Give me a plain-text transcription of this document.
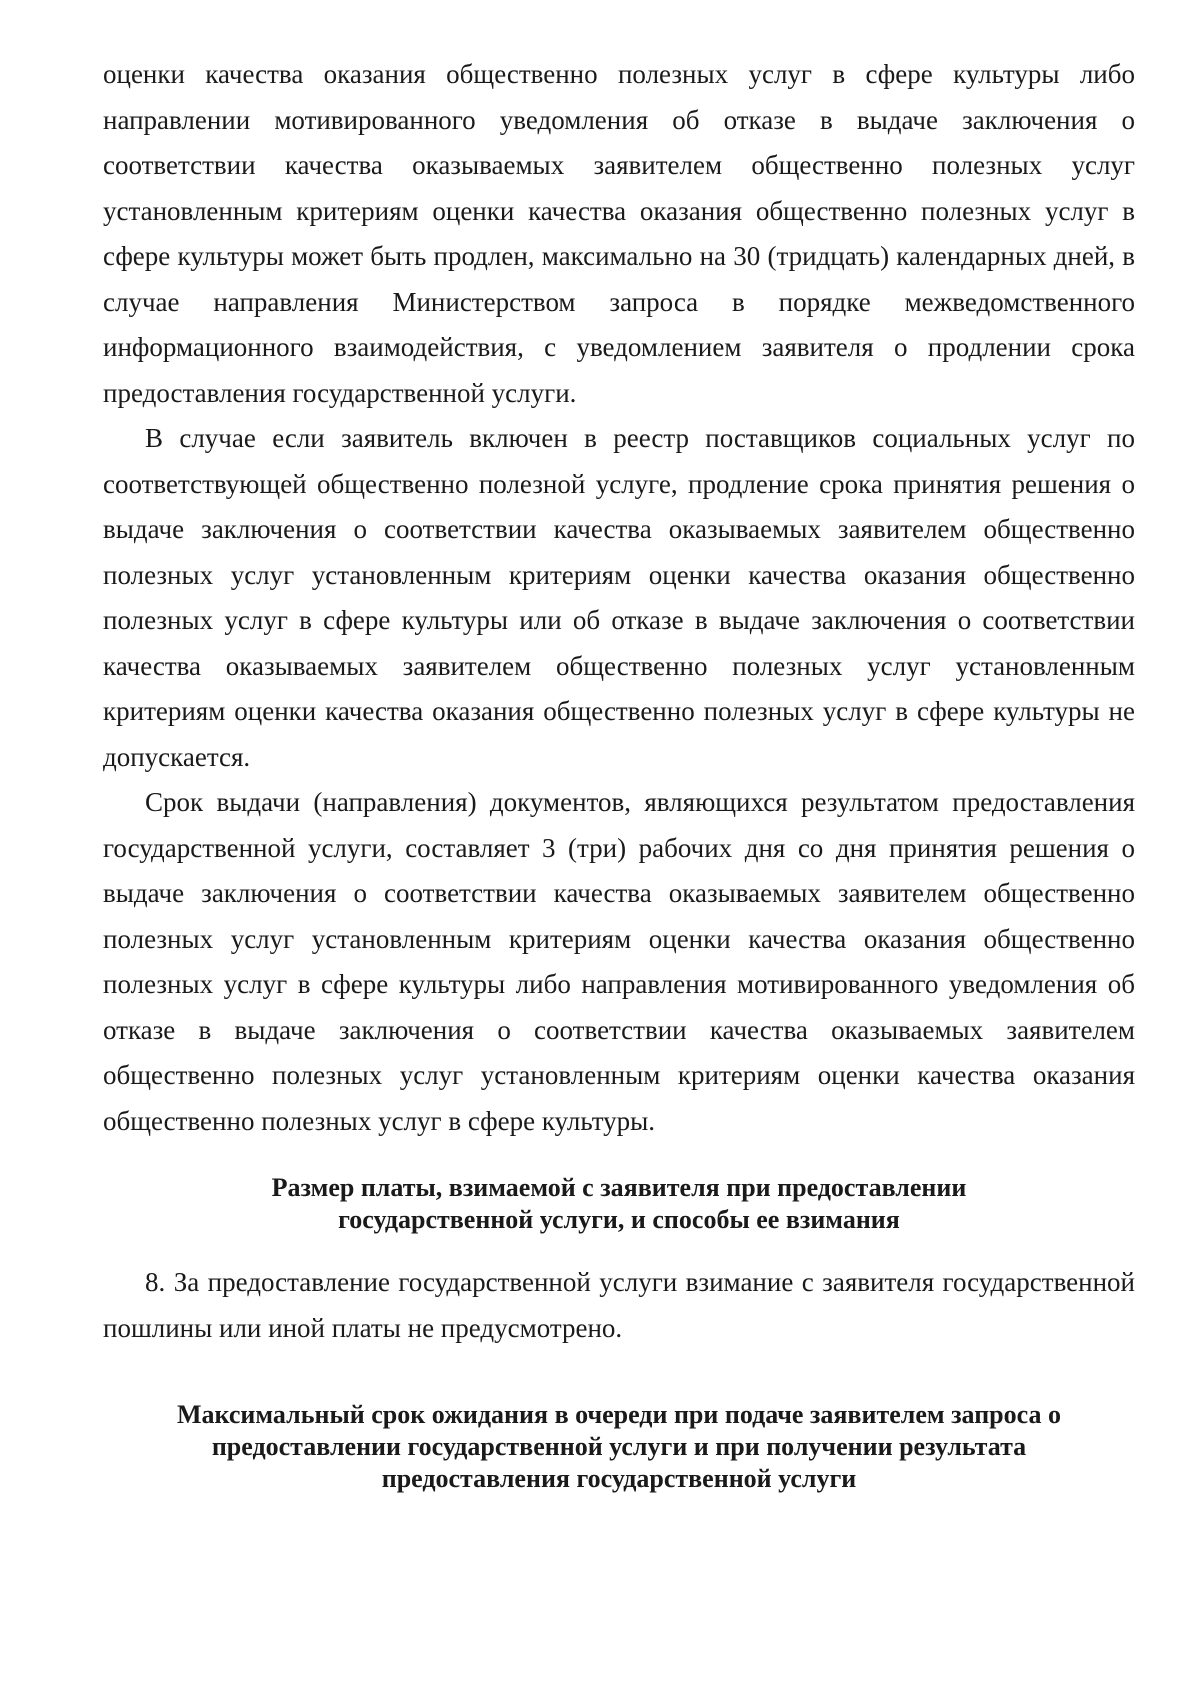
оценки качества оказания общественно полезных услуг в сфере культуры либо направлении мотивированного уведомления об отказе в выдаче заключения о соответствии качества оказываемых заявителем общественно полезных услуг установленным критериям оценки качества оказания общественно полезных услуг в сфере культуры может быть продлен, максимально на 30 (тридцать) календарных дней, в случае направления Министерством запроса в порядке межведомственного информационного взаимодействия, с уведомлением заявителя о продлении срока предоставления государственной услуги.

В случае если заявитель включен в реестр поставщиков социальных услуг по соответствующей общественно полезной услуге, продление срока принятия решения о выдаче заключения о соответствии качества оказываемых заявителем общественно полезных услуг установленным критериям оценки качества оказания общественно полезных услуг в сфере культуры или об отказе в выдаче заключения о соответствии качества оказываемых заявителем общественно полезных услуг установленным критериям оценки качества оказания общественно полезных услуг в сфере культуры не допускается.

Срок выдачи (направления) документов, являющихся результатом предоставления государственной услуги, составляет 3 (три) рабочих дня со дня принятия решения о выдаче заключения о соответствии качества оказываемых заявителем общественно полезных услуг установленным критериям оценки качества оказания общественно полезных услуг в сфере культуры либо направления мотивированного уведомления об отказе в выдаче заключения о соответствии качества оказываемых заявителем общественно полезных услуг установленным критериям оценки качества оказания общественно полезных услуг в сфере культуры.

Размер платы, взимаемой с заявителя при предоставлении
государственной услуги, и способы ее взимания

8. За предоставление государственной услуги взимание с заявителя государственной пошлины или иной платы не предусмотрено.

Максимальный срок ожидания в очереди при подаче заявителем запроса о
предоставлении государственной услуги и при получении результата
предоставления государственной услуги
